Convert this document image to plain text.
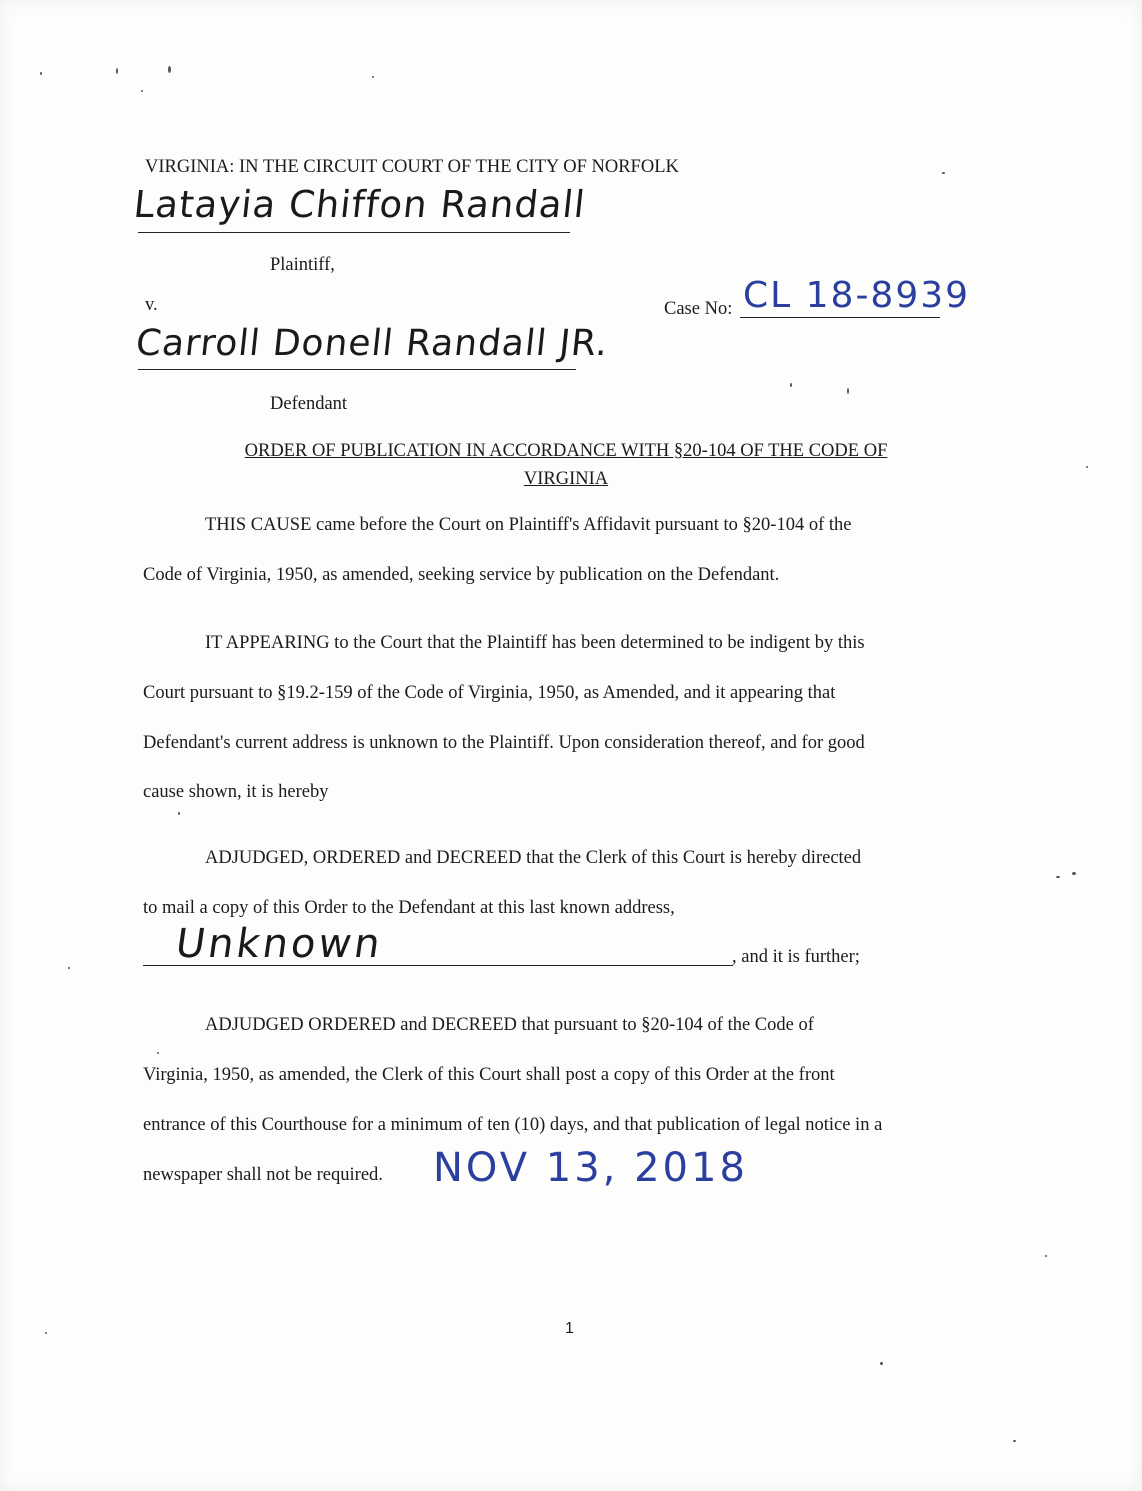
VIRGINIA: IN THE CIRCUIT COURT OF THE CITY OF NORFOLK
Latayia Chiffon Randall
Plaintiff,
v.	Case No: CL 18-8939
Carroll Donell Randall JR.
Defendant
ORDER OF PUBLICATION IN ACCORDANCE WITH §20-104 OF THE CODE OF
VIRGINIA
THIS CAUSE came before the Court on Plaintiff's Affidavit pursuant to §20-104 of the
Code of Virginia, 1950, as amended, seeking service by publication on the Defendant.
IT APPEARING to the Court that the Plaintiff has been determined to be indigent by this
Court pursuant to §19.2-159 of the Code of Virginia, 1950, as Amended, and it appearing that
Defendant's current address is unknown to the Plaintiff. Upon consideration thereof, and for good
cause shown, it is hereby
ADJUDGED, ORDERED and DECREED that the Clerk of this Court is hereby directed
to mail a copy of this Order to the Defendant at this last known address,
Unknown	, and it is further;
ADJUDGED ORDERED and DECREED that pursuant to §20-104 of the Code of
Virginia, 1950, as amended, the Clerk of this Court shall post a copy of this Order at the front
entrance of this Courthouse for a minimum of ten (10) days, and that publication of legal notice in a
newspaper shall not be required. NOV 13, 2018
1
